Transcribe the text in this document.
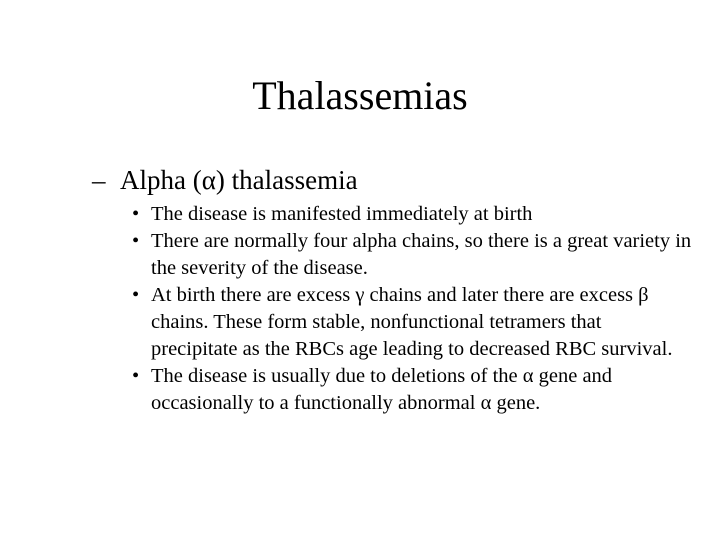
Thalassemias
– Alpha (α) thalassemia
• The disease is manifested immediately at birth
• There are normally four alpha chains, so there is a great variety in the severity of the disease.
• At birth there are excess γ chains and later there are excess β chains. These form stable, nonfunctional tetramers that precipitate as the RBCs age leading to decreased RBC survival.
• The disease is usually due to deletions of the α gene and occasionally to a functionally abnormal α gene.
